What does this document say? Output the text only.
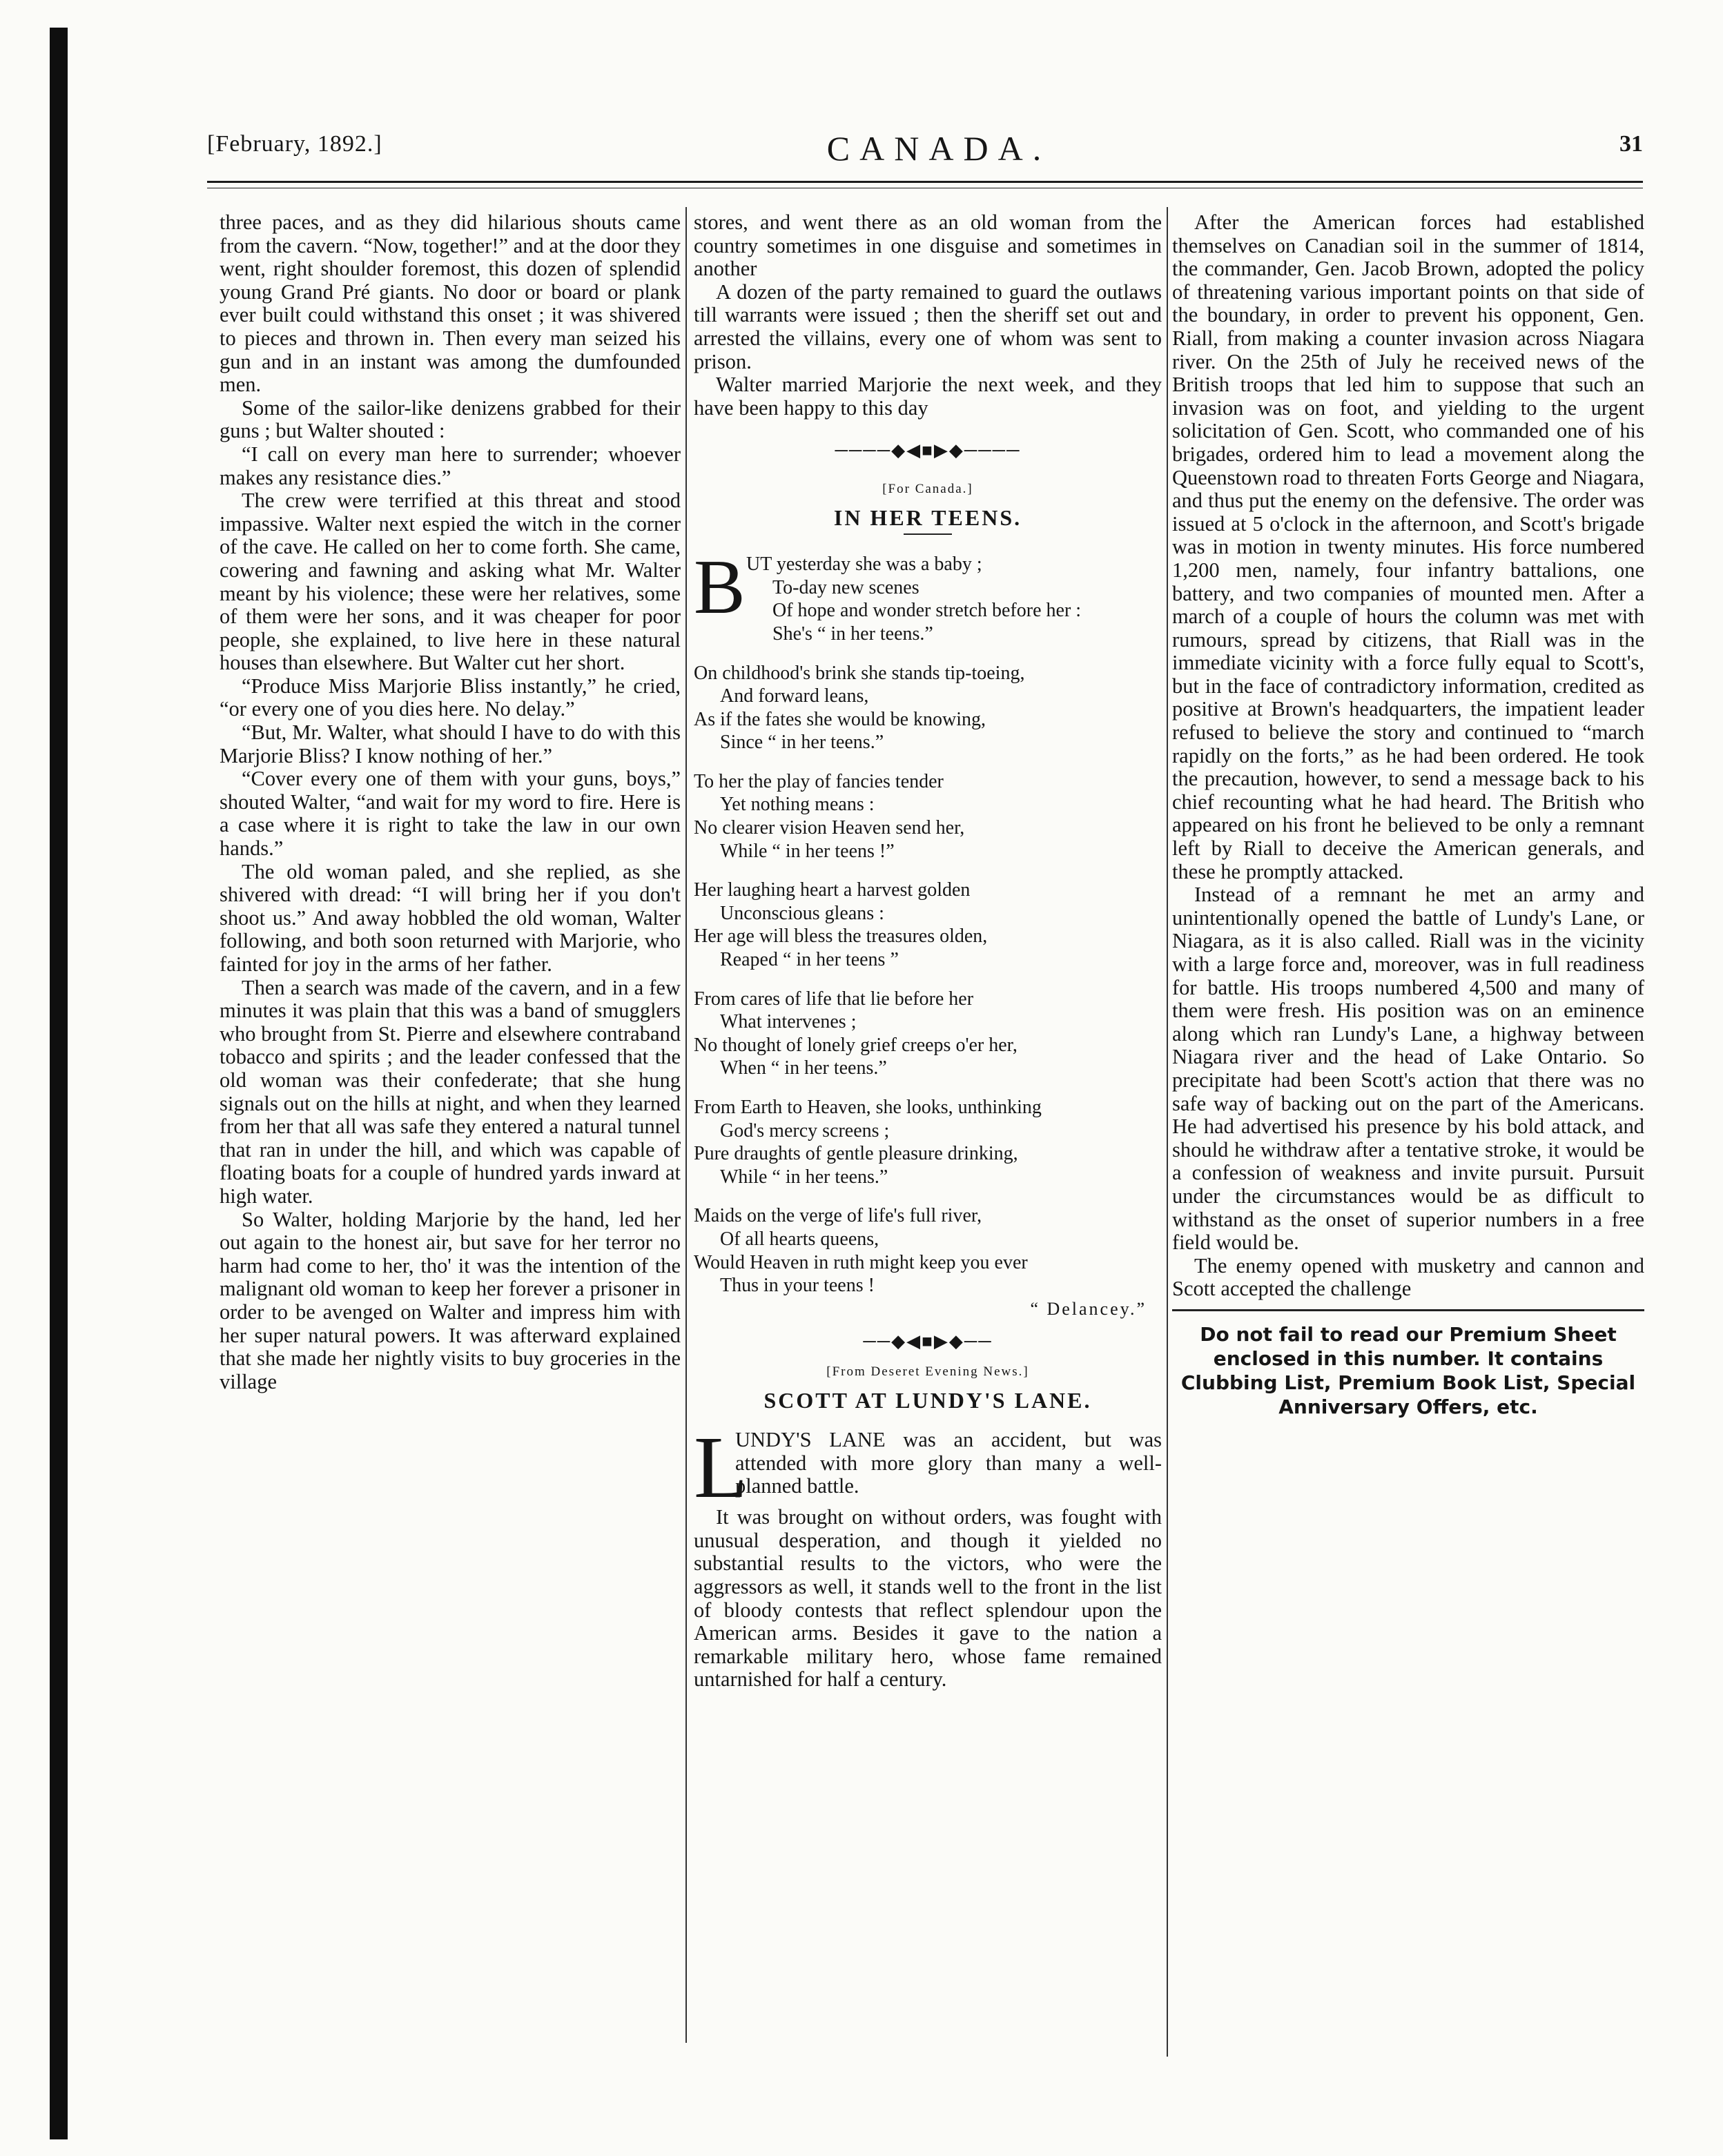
[February, 1892.]	CANADA.	31

three paces, and as they did hilarious shouts came from the cavern. “Now, together!” and at the door they went, right shoulder foremost, this dozen of splendid young Grand Pré giants. No door or board or plank ever built could withstand this onset ; it was shivered to pieces and thrown in. Then every man seized his gun and in an instant was among the dumfounded men.

Some of the sailor-like denizens grabbed for their guns ; but Walter shouted :

“I call on every man here to surrender; whoever makes any resistance dies.”

The crew were terrified at this threat and stood impassive. Walter next espied the witch in the corner of the cave. He called on her to come forth. She came, cowering and fawning and asking what Mr. Walter meant by his violence; these were her relatives, some of them were her sons, and it was cheaper for poor people, she explained, to live here in these natural houses than elsewhere. But Walter cut her short.

“Produce Miss Marjorie Bliss instantly,” he cried, “or every one of you dies here. No delay.”

“But, Mr. Walter, what should I have to do with this Marjorie Bliss? I know nothing of her.”

“Cover every one of them with your guns, boys,” shouted Walter, “and wait for my word to fire. Here is a case where it is right to take the law in our own hands.”

The old woman paled, and she replied, as she shivered with dread: “I will bring her if you don't shoot us.” And away hobbled the old woman, Walter following, and both soon returned with Marjorie, who fainted for joy in the arms of her father.

Then a search was made of the cavern, and in a few minutes it was plain that this was a band of smugglers who brought from St. Pierre and elsewhere contraband tobacco and spirits ; and the leader confessed that the old woman was their confederate; that she hung signals out on the hills at night, and when they learned from her that all was safe they entered a natural tunnel that ran in under the hill, and which was capable of floating boats for a couple of hundred yards inward at high water.

So Walter, holding Marjorie by the hand, led her out again to the honest air, but save for her terror no harm had come to her, tho' it was the intention of the malignant old woman to keep her forever a prisoner in order to be avenged on Walter and impress him with her super natural powers. It was afterward explained that she made her nightly visits to buy groceries in the village

stores, and went there as an old woman from the country sometimes in one disguise and sometimes in another

A dozen of the party remained to guard the outlaws till warrants were issued ; then the sheriff set out and arrested the villains, every one of whom was sent to prison.

Walter married Marjorie the next week, and they have been happy to this day

────◆◀■▶◆────
[For Canada.]
IN HER TEENS.
B UT yesterday she was a baby ;
To-day new scenes
Of hope and wonder stretch before her :
She's “ in her teens.”
On childhood's brink she stands tip-toeing,
And forward leans,
As if the fates she would be knowing,
Since “ in her teens.”
To her the play of fancies tender
Yet nothing means :
No clearer vision Heaven send her,
While “ in her teens !”
Her laughing heart a harvest golden
Unconscious gleans :
Her age will bless the treasures olden,
Reaped “ in her teens ”
From cares of life that lie before her
What intervenes ;
No thought of lonely grief creeps o'er her,
When “ in her teens.”
From Earth to Heaven, she looks, unthinking
God's mercy screens ;
Pure draughts of gentle pleasure drinking,
While “ in her teens.”
Maids on the verge of life's full river,
Of all hearts queens,
Would Heaven in ruth might keep you ever
Thus in your teens !
“ Delancey.”
──◆◀■▶◆──
[From Deseret Evening News.]
SCOTT AT LUNDY'S LANE.
L
UNDY'S LANE was an accident, but was attended with more glory than many a well-planned battle.

It was brought on without orders, was fought with unusual desperation, and though it yielded no substantial results to the victors, who were the aggressors as well, it stands well to the front in the list of bloody contests that reflect splendour upon the American arms. Besides it gave to the nation a remarkable military hero, whose fame remained untarnished for half a century.

After the American forces had established themselves on Canadian soil in the summer of 1814, the commander, Gen. Jacob Brown, adopted the policy of threatening various important points on that side of the boundary, in order to prevent his opponent, Gen. Riall, from making a counter invasion across Niagara river. On the 25th of July he received news of the British troops that led him to suppose that such an invasion was on foot, and yielding to the urgent solicitation of Gen. Scott, who commanded one of his brigades, ordered him to lead a movement along the Queenstown road to threaten Forts George and Niagara, and thus put the enemy on the defensive. The order was issued at 5 o'clock in the afternoon, and Scott's brigade was in motion in twenty minutes. His force numbered 1,200 men, namely, four infantry battalions, one battery, and two companies of mounted men. After a march of a couple of hours the column was met with rumours, spread by citizens, that Riall was in the immediate vicinity with a force fully equal to Scott's, but in the face of contradictory information, credited as positive at Brown's headquarters, the impatient leader refused to believe the story and continued to “march rapidly on the forts,” as he had been ordered. He took the precaution, however, to send a message back to his chief recounting what he had heard. The British who appeared on his front he believed to be only a remnant left by Riall to deceive the American generals, and these he promptly attacked.

Instead of a remnant he met an army and unintentionally opened the battle of Lundy's Lane, or Niagara, as it is also called. Riall was in the vicinity with a large force and, moreover, was in full readiness for battle. His troops numbered 4,500 and many of them were fresh. His position was on an eminence along which ran Lundy's Lane, a highway between Niagara river and the head of Lake Ontario. So precipitate had been Scott's action that there was no safe way of backing out on the part of the Americans. He had advertised his presence by his bold attack, and should he withdraw after a tentative stroke, it would be a confession of weakness and invite pursuit. Pursuit under the circumstances would be as difficult to withstand as the onset of superior numbers in a free field would be.

The enemy opened with musketry and cannon and Scott accepted the challenge

Do not fail to read our Premium Sheet enclosed in this number. It contains Clubbing List, Premium Book List, Special Anniversary Offers, etc.
